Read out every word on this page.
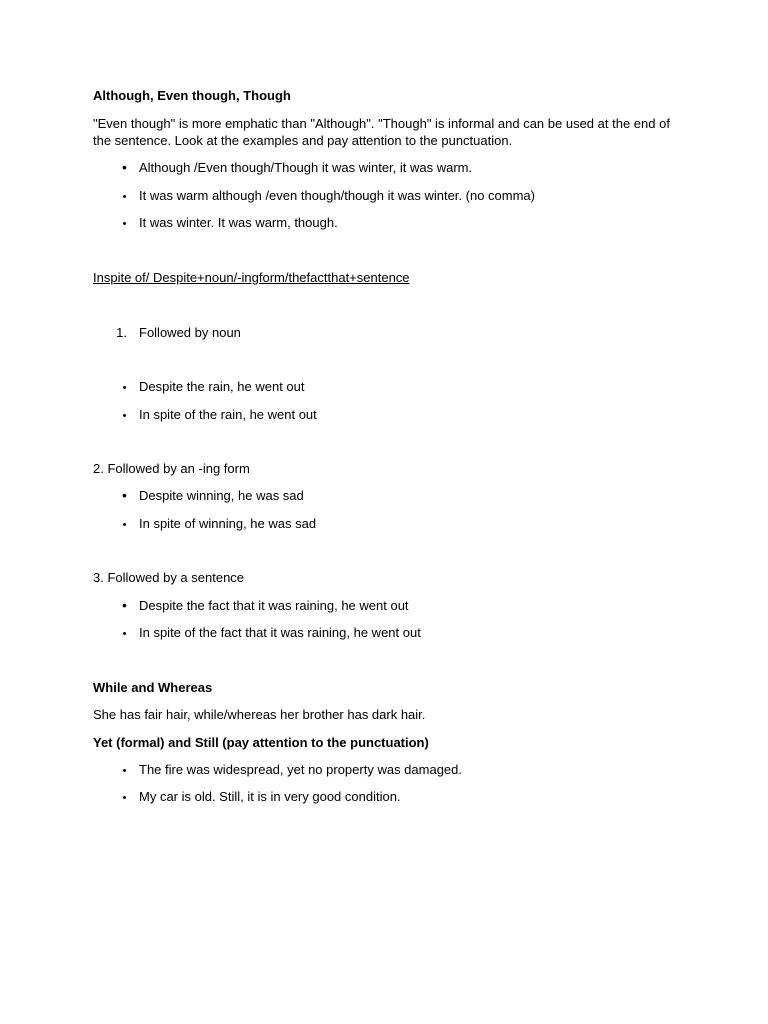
Although, Even though, Though
"Even though" is more emphatic than "Although". "Though" is informal and can be used at the end of the sentence. Look at the examples and pay attention to the punctuation.
• Although /Even though/Though it was winter, it was warm.
• It was warm although /even though/though it was winter. (no comma)
• It was winter. It was warm, though.
Inspite of/ Despite+noun/-ingform/thefactthat+sentence
1. Followed by noun
• Despite the rain, he went out
• In spite of the rain, he went out
2. Followed by an -ing form
• Despite winning, he was sad
• In spite of winning, he was sad
3. Followed by a sentence
• Despite the fact that it was raining, he went out
• In spite of the fact that it was raining, he went out
While and Whereas
She has fair hair, while/whereas her brother has dark hair.
Yet (formal) and Still (pay attention to the punctuation)
• The fire was widespread, yet no property was damaged.
• My car is old. Still, it is in very good condition.
